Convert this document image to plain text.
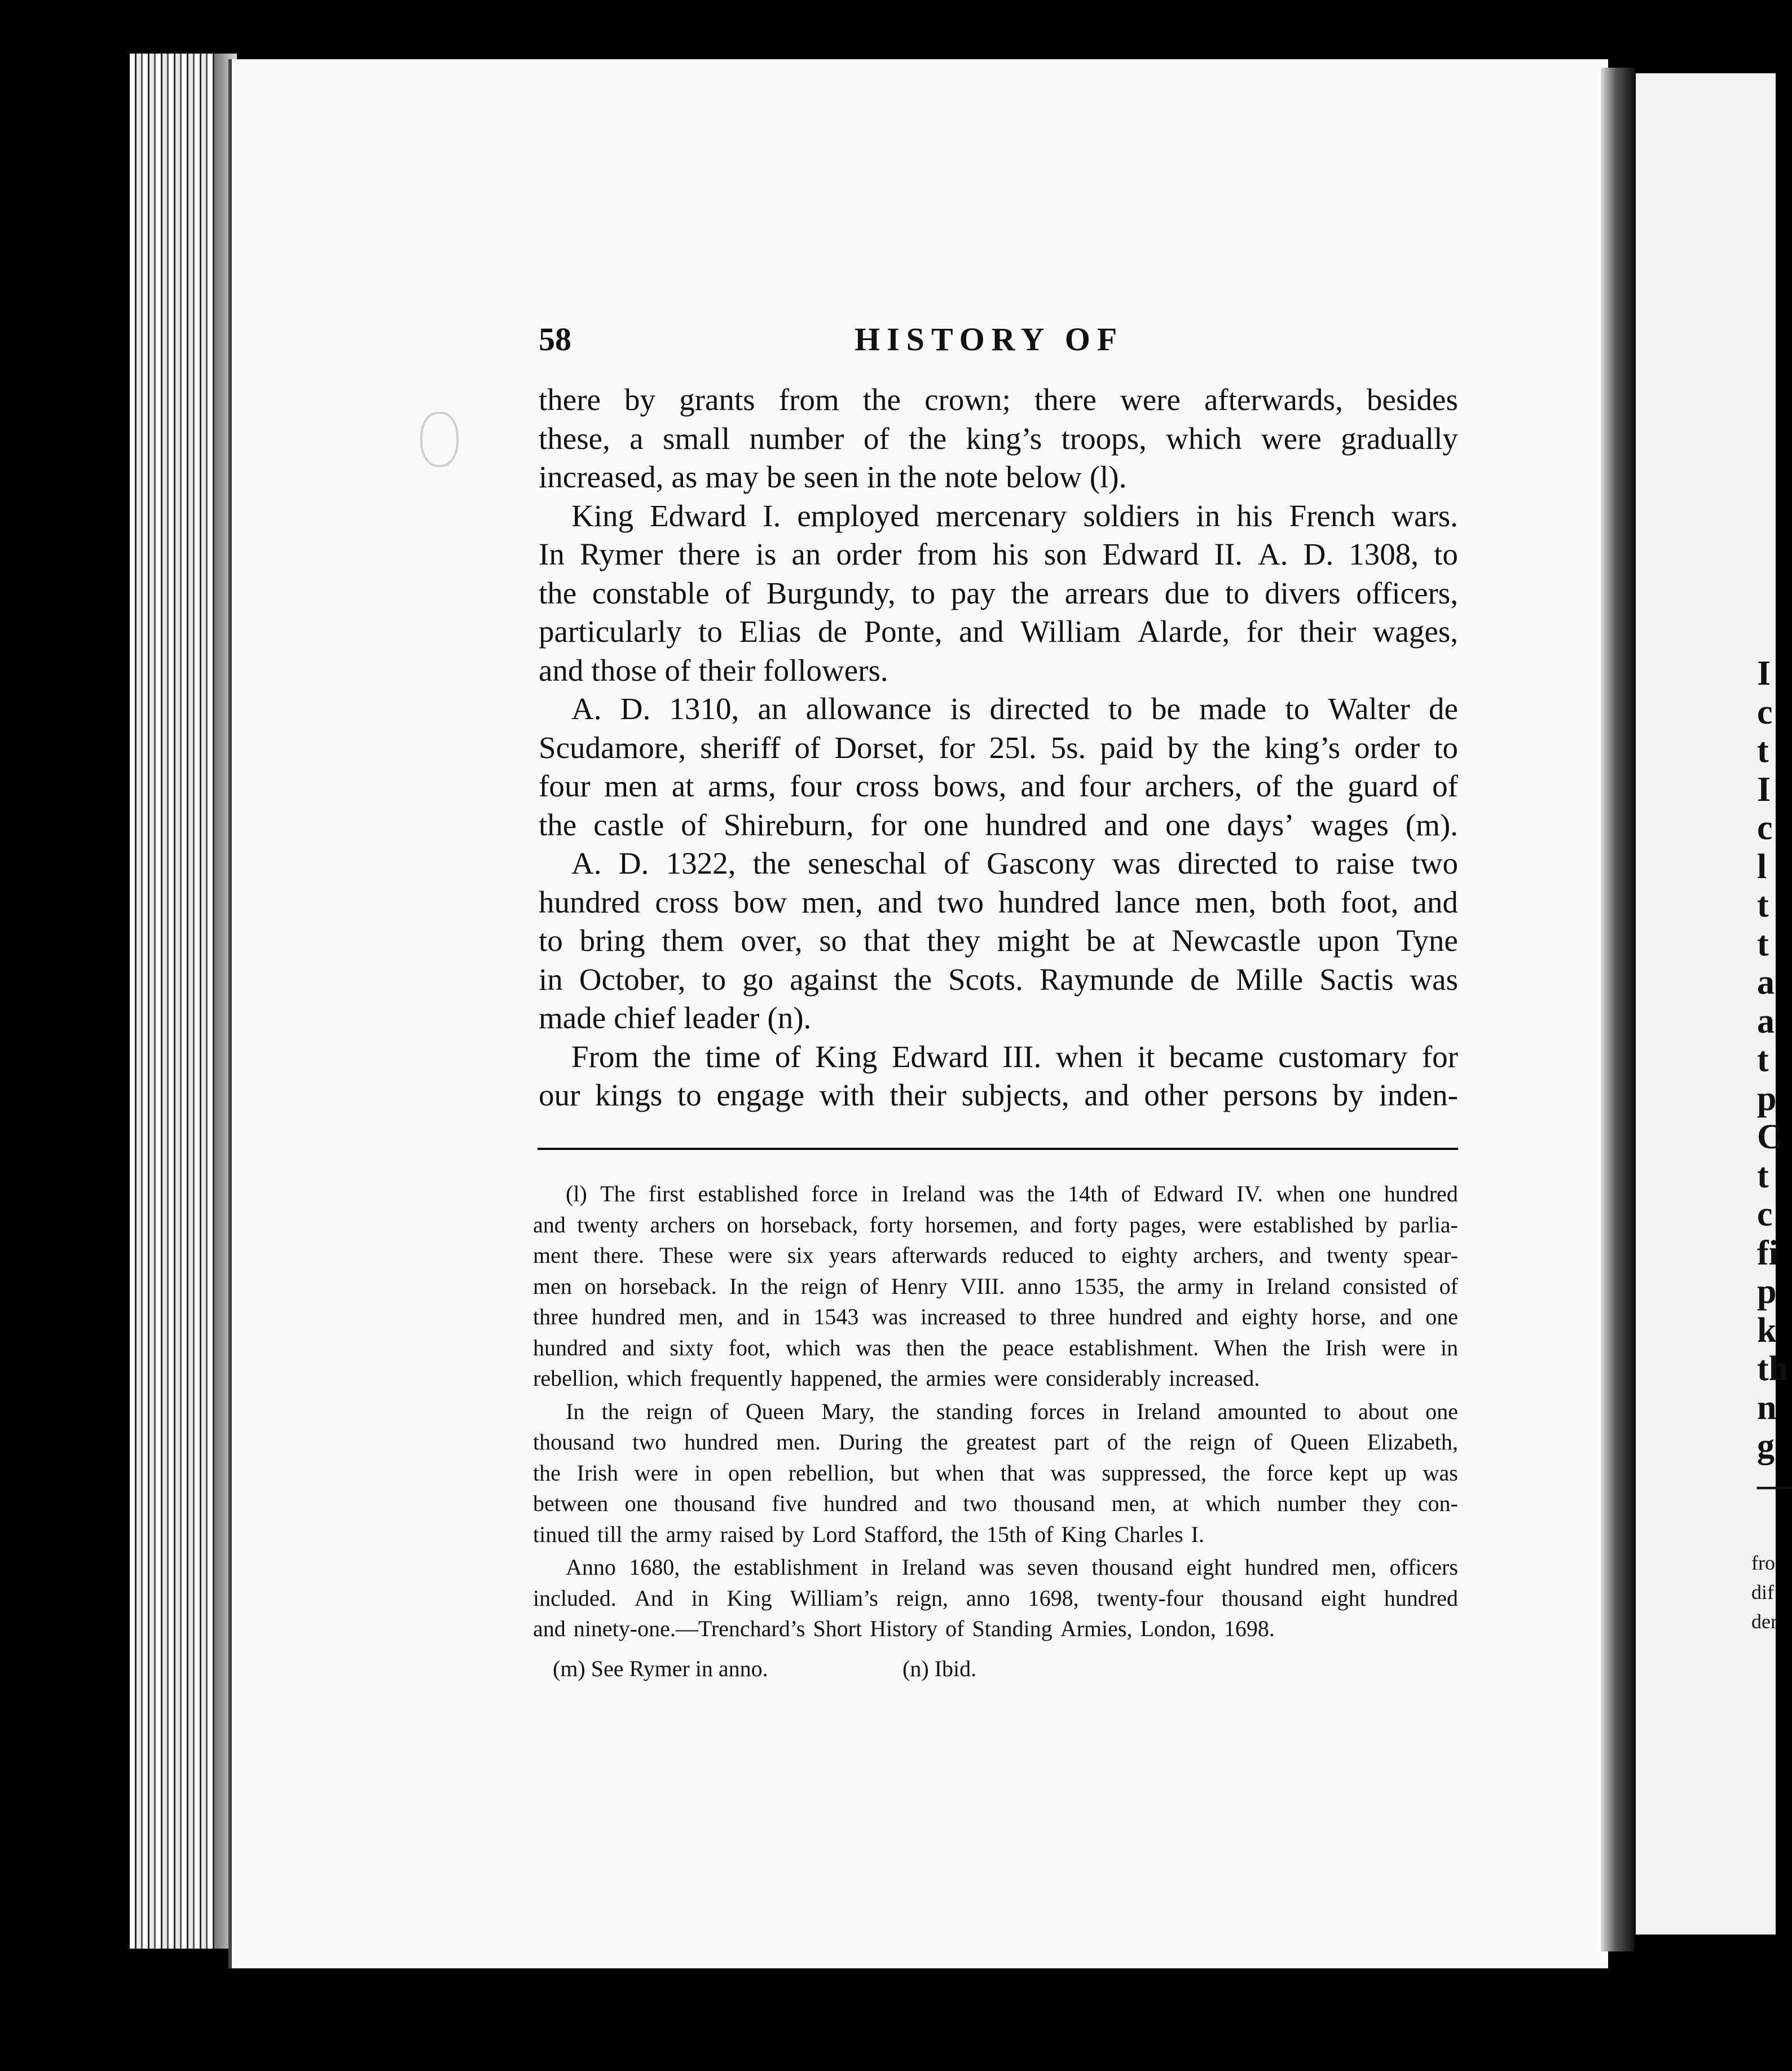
I
c
t
I
c
l
t
t
a
a
t
p
C
t
c
fi
p
k
th
n
g
—
fro
dif
der
58	HISTORY OF
there by grants from the crown; there were afterwards, besides
these, a small number of the king’s troops, which were gradually
increased, as may be seen in the note below (l).
King Edward I. employed mercenary soldiers in his French wars.
In Rymer there is an order from his son Edward II. A. D. 1308, to
the constable of Burgundy, to pay the arrears due to divers officers,
particularly to Elias de Ponte, and William Alarde, for their wages,
and those of their followers.
A. D. 1310, an allowance is directed to be made to Walter de
Scudamore, sheriff of Dorset, for 25l. 5s. paid by the king’s order to
four men at arms, four cross bows, and four archers, of the guard of
the castle of Shireburn, for one hundred and one days’ wages (m).
A. D. 1322, the seneschal of Gascony was directed to raise two
hundred cross bow men, and two hundred lance men, both foot, and
to bring them over, so that they might be at Newcastle upon Tyne
in October, to go against the Scots. Raymunde de Mille Sactis was
made chief leader (n).
From the time of King Edward III. when it became customary for
our kings to engage with their subjects, and other persons by inden-
(l) The first established force in Ireland was the 14th of Edward IV. when one hundred
and twenty archers on horseback, forty horsemen, and forty pages, were established by parlia-
ment there. These were six years afterwards reduced to eighty archers, and twenty spear-
men on horseback. In the reign of Henry VIII. anno 1535, the army in Ireland consisted of
three hundred men, and in 1543 was increased to three hundred and eighty horse, and one
hundred and sixty foot, which was then the peace establishment. When the Irish were in
rebellion, which frequently happened, the armies were considerably increased.
In the reign of Queen Mary, the standing forces in Ireland amounted to about one
thousand two hundred men. During the greatest part of the reign of Queen Elizabeth,
the Irish were in open rebellion, but when that was suppressed, the force kept up was
between one thousand five hundred and two thousand men, at which number they con-
tinued till the army raised by Lord Stafford, the 15th of King Charles I.
Anno 1680, the establishment in Ireland was seven thousand eight hundred men, officers
included. And in King William’s reign, anno 1698, twenty-four thousand eight hundred
and ninety-one.—Trenchard’s Short History of Standing Armies, London, 1698.
(m) See Rymer in anno.	(n) Ibid.
